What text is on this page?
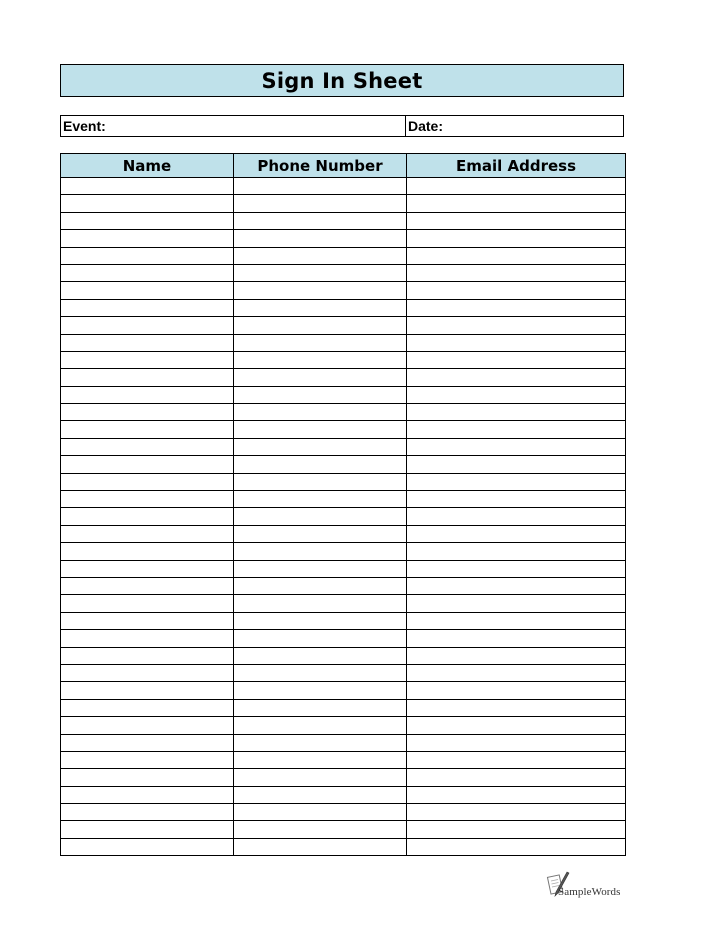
Sign In Sheet
Event:	Date:
Name	Phone Number	Email Address

SampleWords
